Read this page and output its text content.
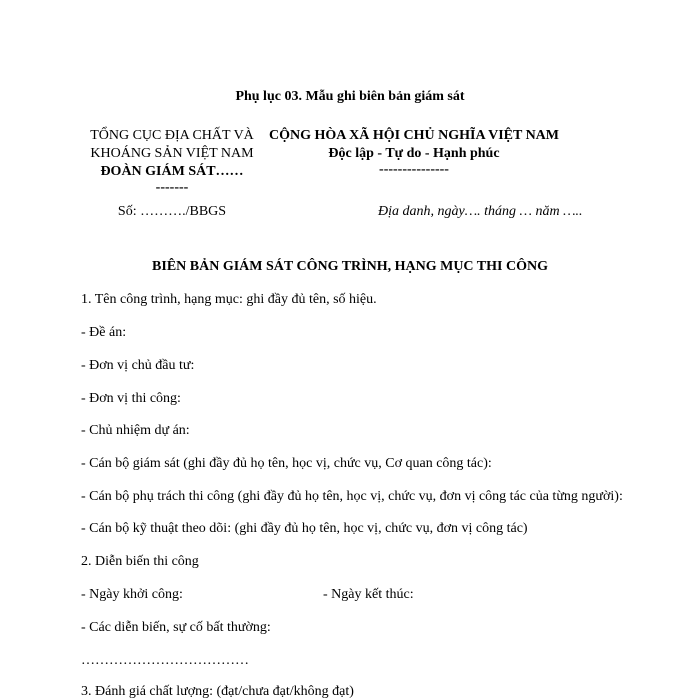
Phụ lục 03. Mẫu ghi biên bản giám sát
TỔNG CỤC ĐỊA CHẤT VÀ
KHOÁNG SẢN VIỆT NAM
ĐOÀN GIÁM SÁT……
-------
Số: ………./BBGS
CỘNG HÒA XÃ HỘI CHỦ NGHĨA VIỆT NAM
Độc lập - Tự do - Hạnh phúc
---------------
Địa danh, ngày…. tháng … năm …..
BIÊN BẢN GIÁM SÁT CÔNG TRÌNH, HẠNG MỤC THI CÔNG
1. Tên công trình, hạng mục: ghi đầy đủ tên, số hiệu.
- Đề án:
- Đơn vị chủ đầu tư:
- Đơn vị thi công:
- Chủ nhiệm dự án:
- Cán bộ giám sát (ghi đầy đủ họ tên, học vị, chức vụ, Cơ quan công tác):
- Cán bộ phụ trách thi công (ghi đầy đủ họ tên, học vị, chức vụ, đơn vị công tác của từng người):
- Cán bộ kỹ thuật theo dõi: (ghi đầy đủ họ tên, học vị, chức vụ, đơn vị công tác)
2. Diễn biến thi công
- Ngày khởi công:	- Ngày kết thúc:
- Các diễn biến, sự cố bất thường:
………………………………
3. Đánh giá chất lượng: (đạt/chưa đạt/không đạt)
